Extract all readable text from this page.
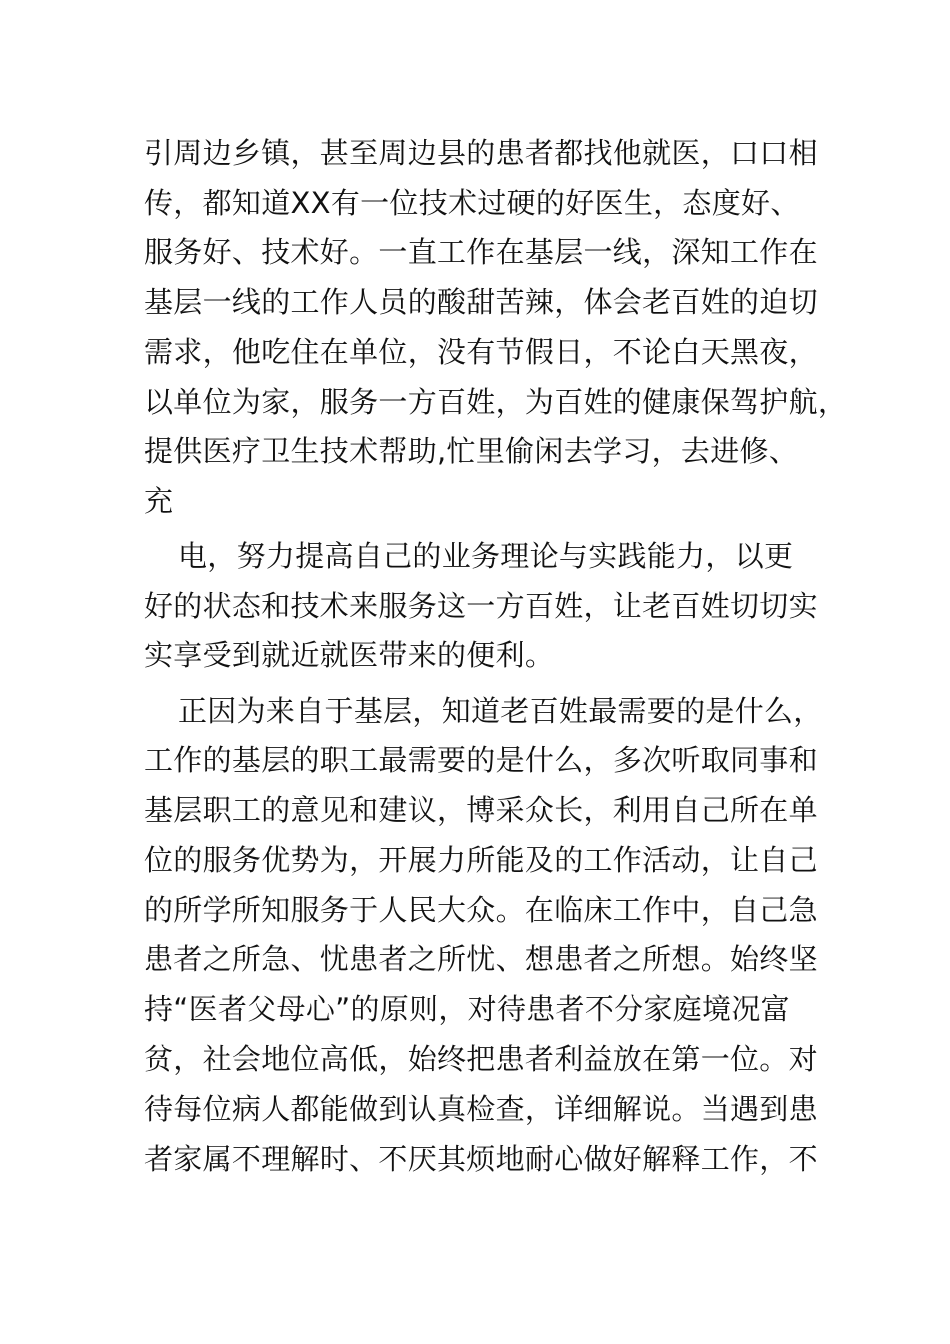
引周边乡镇，甚至周边县的患者都找他就医，口口相
传，都知道XX有一位技术过硬的好医生，态度好、
服务好、技术好。一直工作在基层一线，深知工作在
基层一线的工作人员的酸甜苦辣，体会老百姓的迫切
需求，他吃住在单位，没有节假日，不论白天黑夜，
以单位为家，服务一方百姓，为百姓的健康保驾护航，
提供医疗卫生技术帮助,忙里偷闲去学习，去进修、
充
电，努力提高自己的业务理论与实践能力，以更
好的状态和技术来服务这一方百姓，让老百姓切切实
实享受到就近就医带来的便利。
正因为来自于基层，知道老百姓最需要的是什么，
工作的基层的职工最需要的是什么，多次听取同事和
基层职工的意见和建议，博采众长，利用自己所在单
位的服务优势为，开展力所能及的工作活动，让自己
的所学所知服务于人民大众。在临床工作中，自己急
患者之所急、忧患者之所忧、想患者之所想。始终坚
持“医者父母心”的原则，对待患者不分家庭境况富
贫，社会地位高低，始终把患者利益放在第一位。对
待每位病人都能做到认真检查，详细解说。当遇到患
者家属不理解时、不厌其烦地耐心做好解释工作，不
